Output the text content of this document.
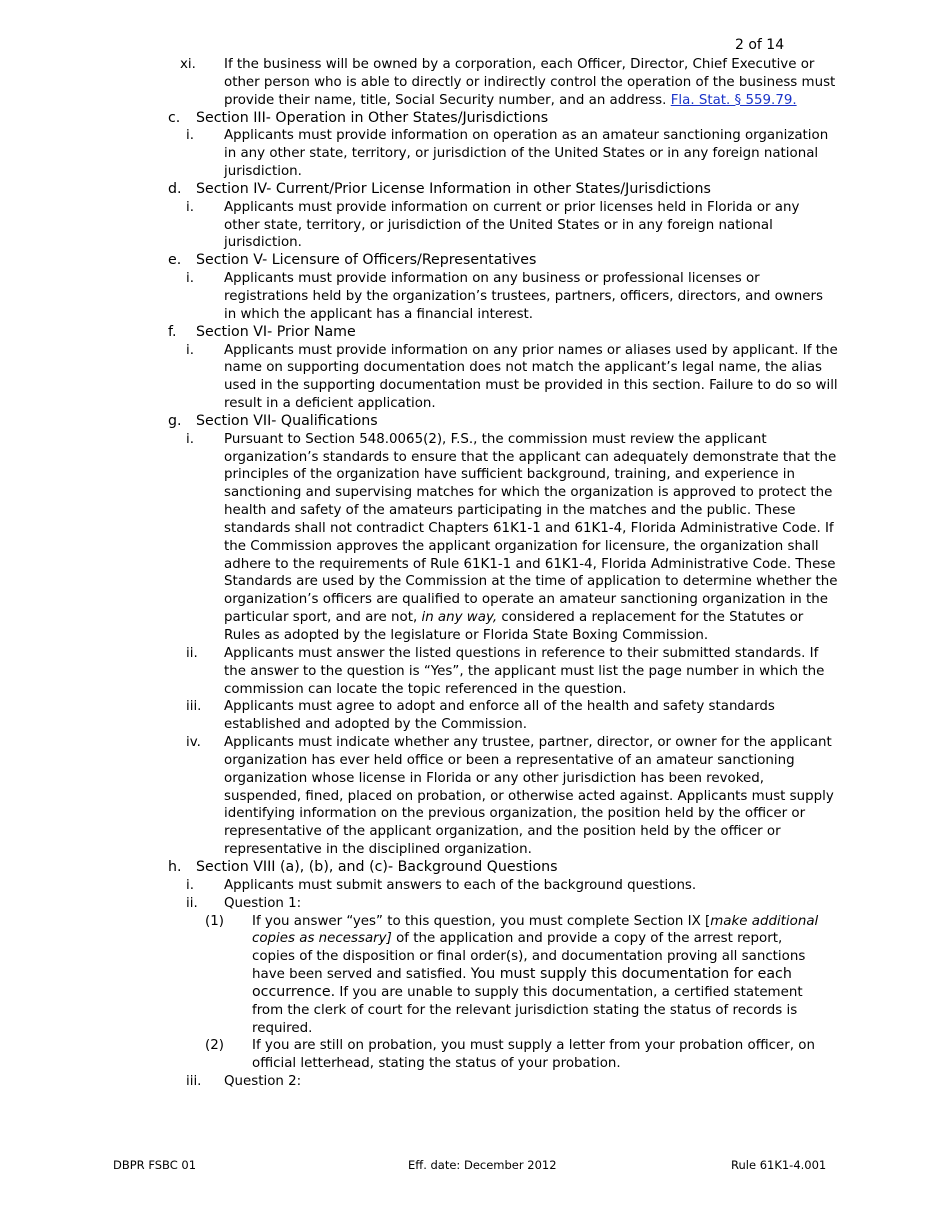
2 of 14
xi. If the business will be owned by a corporation, each Officer, Director, Chief Executive or other person who is able to directly or indirectly control the operation of the business must provide their name, title, Social Security number, and an address. Fla. Stat. § 559.79.
c. Section III- Operation in Other States/Jurisdictions
i. Applicants must provide information on operation as an amateur sanctioning organization in any other state, territory, or jurisdiction of the United States or in any foreign national jurisdiction.
d. Section IV- Current/Prior License Information in other States/Jurisdictions
i. Applicants must provide information on current or prior licenses held in Florida or any other state, territory, or jurisdiction of the United States or in any foreign national jurisdiction.
e. Section V- Licensure of Officers/Representatives
i. Applicants must provide information on any business or professional licenses or registrations held by the organization’s trustees, partners, officers, directors, and owners in which the applicant has a financial interest.
f. Section VI- Prior Name
i. Applicants must provide information on any prior names or aliases used by applicant. If the name on supporting documentation does not match the applicant’s legal name, the alias used in the supporting documentation must be provided in this section. Failure to do so will result in a deficient application.
g. Section VII- Qualifications
i. Pursuant to Section 548.0065(2), F.S., the commission must review the applicant organization’s standards to ensure that the applicant can adequately demonstrate that the principles of the organization have sufficient background, training, and experience in sanctioning and supervising matches for which the organization is approved to protect the health and safety of the amateurs participating in the matches and the public. These standards shall not contradict Chapters 61K1-1 and 61K1-4, Florida Administrative Code. If the Commission approves the applicant organization for licensure, the organization shall adhere to the requirements of Rule 61K1-1 and 61K1-4, Florida Administrative Code. These Standards are used by the Commission at the time of application to determine whether the organization’s officers are qualified to operate an amateur sanctioning organization in the particular sport, and are not, in any way, considered a replacement for the Statutes or Rules as adopted by the legislature or Florida State Boxing Commission.
ii. Applicants must answer the listed questions in reference to their submitted standards. If the answer to the question is “Yes”, the applicant must list the page number in which the commission can locate the topic referenced in the question.
iii. Applicants must agree to adopt and enforce all of the health and safety standards established and adopted by the Commission.
iv. Applicants must indicate whether any trustee, partner, director, or owner for the applicant organization has ever held office or been a representative of an amateur sanctioning organization whose license in Florida or any other jurisdiction has been revoked, suspended, fined, placed on probation, or otherwise acted against. Applicants must supply identifying information on the previous organization, the position held by the officer or representative of the applicant organization, and the position held by the officer or representative in the disciplined organization.
h. Section VIII (a), (b), and (c)- Background Questions
i. Applicants must submit answers to each of the background questions.
ii. Question 1:
(1) If you answer “yes” to this question, you must complete Section IX [make additional copies as necessary] of the application and provide a copy of the arrest report, copies of the disposition or final order(s), and documentation proving all sanctions have been served and satisfied. You must supply this documentation for each occurrence. If you are unable to supply this documentation, a certified statement from the clerk of court for the relevant jurisdiction stating the status of records is required.
(2) If you are still on probation, you must supply a letter from your probation officer, on official letterhead, stating the status of your probation.
iii. Question 2:
DBPR FSBC 01	Eff. date: December 2012	Rule 61K1-4.001
